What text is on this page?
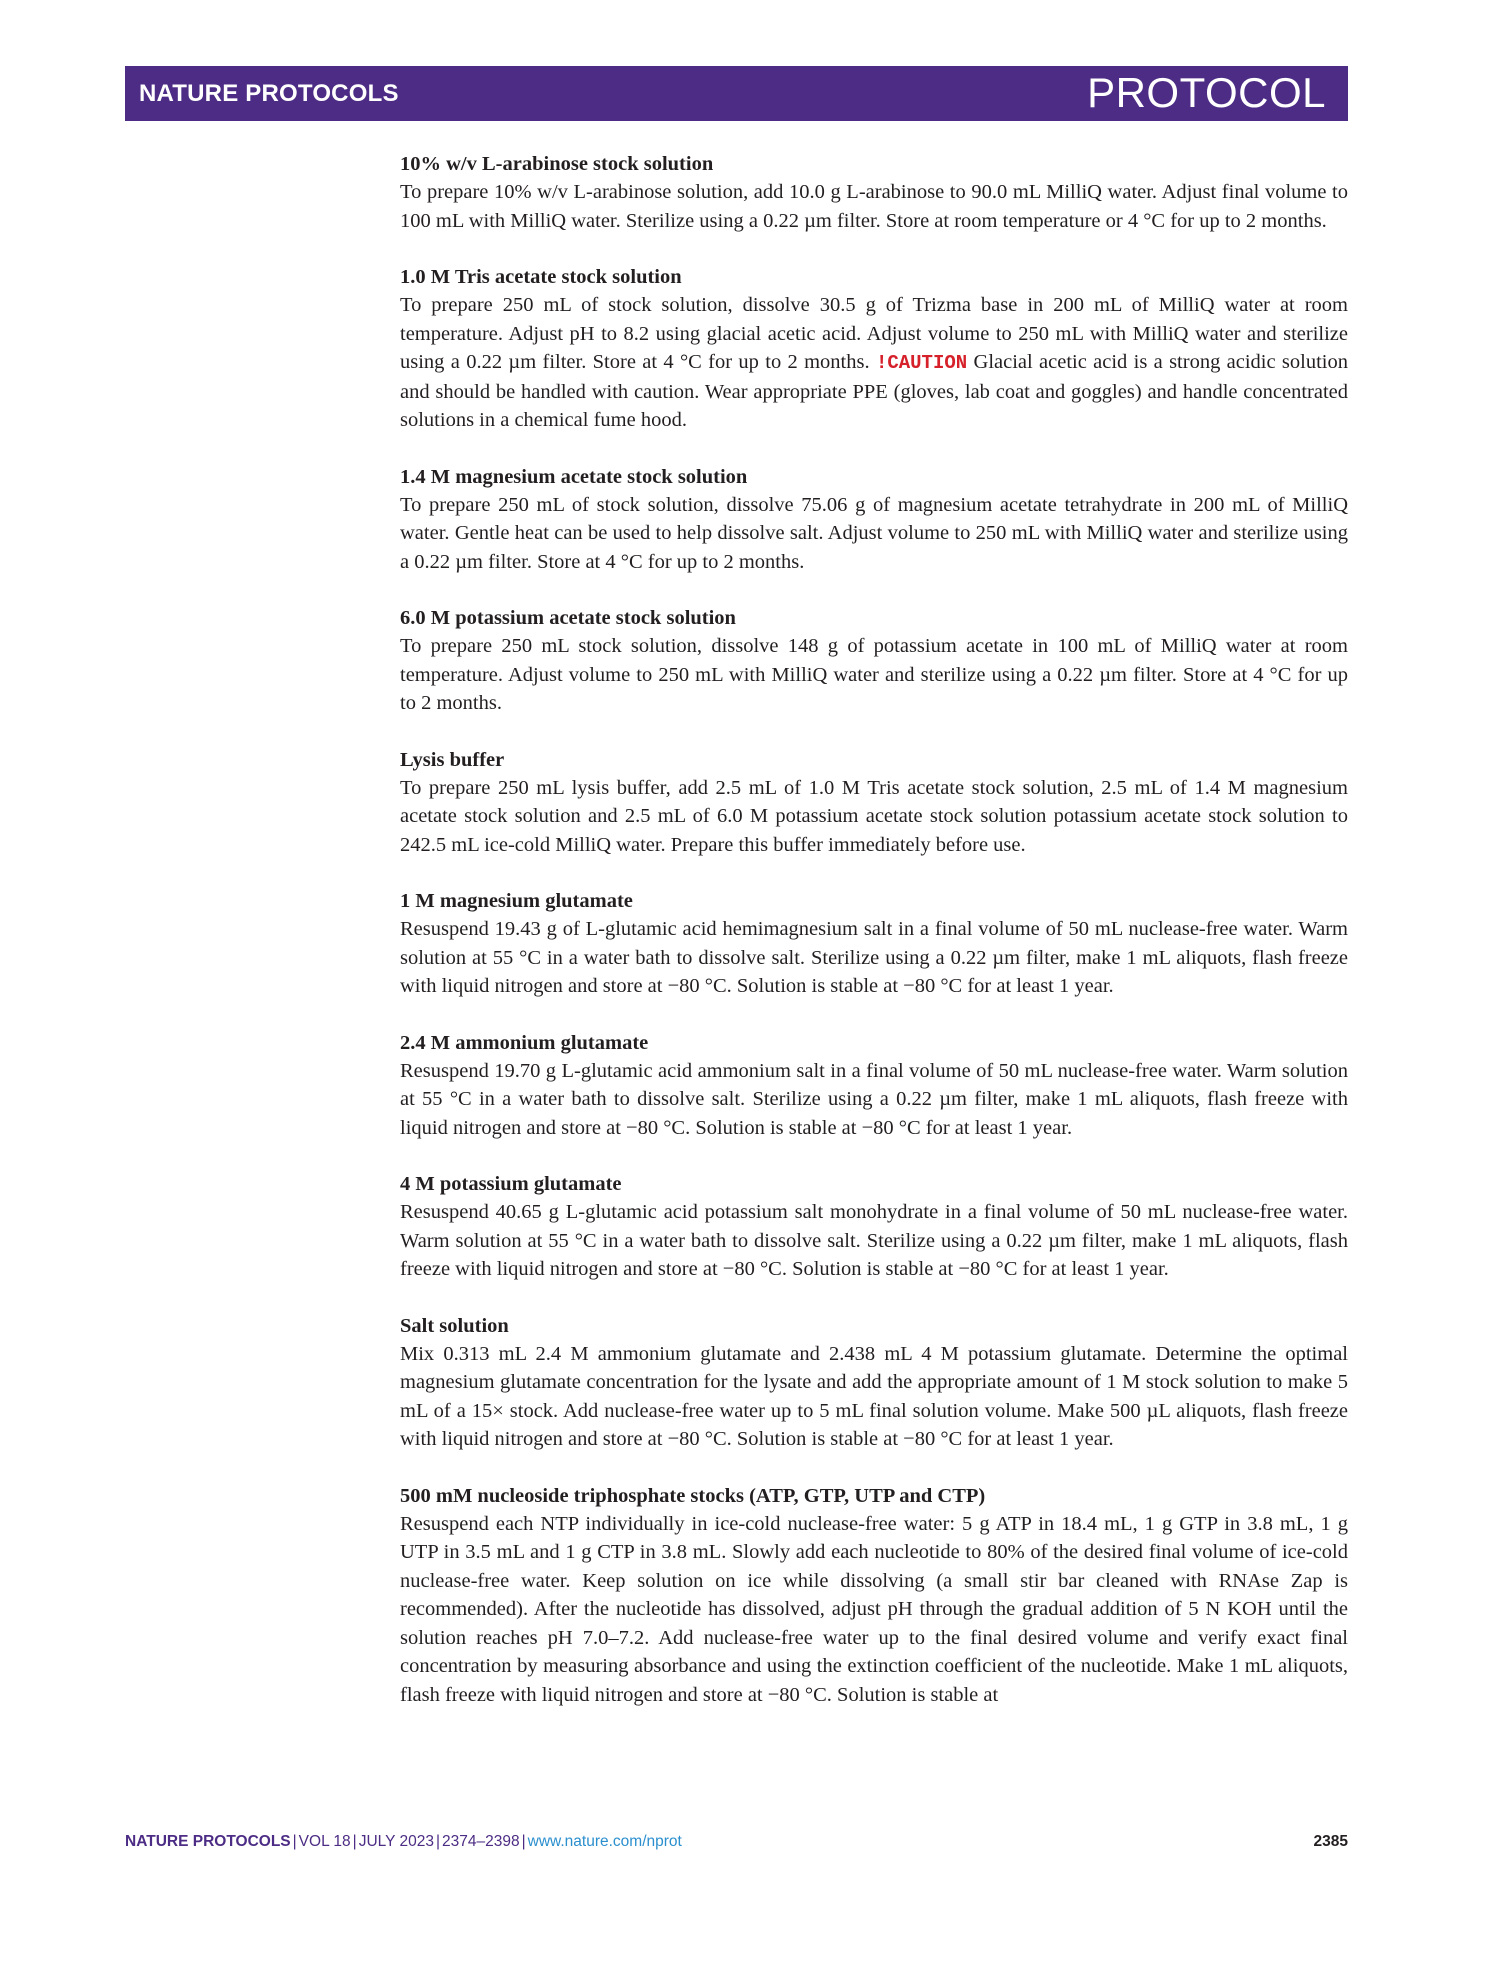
NATURE PROTOCOLS	PROTOCOL

10% w/v L-arabinose stock solution

To prepare 10% w/v L-arabinose solution, add 10.0 g L-arabinose to 90.0 mL MilliQ water. Adjust final volume to 100 mL with MilliQ water. Sterilize using a 0.22 µm filter. Store at room temperature or 4 °C for up to 2 months.

1.0 M Tris acetate stock solution

To prepare 250 mL of stock solution, dissolve 30.5 g of Trizma base in 200 mL of MilliQ water at room temperature. Adjust pH to 8.2 using glacial acetic acid. Adjust volume to 250 mL with MilliQ water and sterilize using a 0.22 µm filter. Store at 4 °C for up to 2 months. !CAUTION Glacial acetic acid is a strong acidic solution and should be handled with caution. Wear appropriate PPE (gloves, lab coat and goggles) and handle concentrated solutions in a chemical fume hood.

1.4 M magnesium acetate stock solution

To prepare 250 mL of stock solution, dissolve 75.06 g of magnesium acetate tetrahydrate in 200 mL of MilliQ water. Gentle heat can be used to help dissolve salt. Adjust volume to 250 mL with MilliQ water and sterilize using a 0.22 µm filter. Store at 4 °C for up to 2 months.

6.0 M potassium acetate stock solution

To prepare 250 mL stock solution, dissolve 148 g of potassium acetate in 100 mL of MilliQ water at room temperature. Adjust volume to 250 mL with MilliQ water and sterilize using a 0.22 µm filter. Store at 4 °C for up to 2 months.

Lysis buffer

To prepare 250 mL lysis buffer, add 2.5 mL of 1.0 M Tris acetate stock solution, 2.5 mL of 1.4 M magnesium acetate stock solution and 2.5 mL of 6.0 M potassium acetate stock solution potassium acetate stock solution to 242.5 mL ice-cold MilliQ water. Prepare this buffer immediately before use.

1 M magnesium glutamate

Resuspend 19.43 g of L-glutamic acid hemimagnesium salt in a final volume of 50 mL nuclease-free water. Warm solution at 55 °C in a water bath to dissolve salt. Sterilize using a 0.22 µm filter, make 1 mL aliquots, flash freeze with liquid nitrogen and store at −80 °C. Solution is stable at −80 °C for at least 1 year.

2.4 M ammonium glutamate

Resuspend 19.70 g L-glutamic acid ammonium salt in a final volume of 50 mL nuclease-free water. Warm solution at 55 °C in a water bath to dissolve salt. Sterilize using a 0.22 µm filter, make 1 mL aliquots, flash freeze with liquid nitrogen and store at −80 °C. Solution is stable at −80 °C for at least 1 year.

4 M potassium glutamate

Resuspend 40.65 g L-glutamic acid potassium salt monohydrate in a final volume of 50 mL nuclease-free water. Warm solution at 55 °C in a water bath to dissolve salt. Sterilize using a 0.22 µm filter, make 1 mL aliquots, flash freeze with liquid nitrogen and store at −80 °C. Solution is stable at −80 °C for at least 1 year.

Salt solution

Mix 0.313 mL 2.4 M ammonium glutamate and 2.438 mL 4 M potassium glutamate. Determine the optimal magnesium glutamate concentration for the lysate and add the appropriate amount of 1 M stock solution to make 5 mL of a 15× stock. Add nuclease-free water up to 5 mL final solution volume. Make 500 µL aliquots, flash freeze with liquid nitrogen and store at −80 °C. Solution is stable at −80 °C for at least 1 year.

500 mM nucleoside triphosphate stocks (ATP, GTP, UTP and CTP)

Resuspend each NTP individually in ice-cold nuclease-free water: 5 g ATP in 18.4 mL, 1 g GTP in 3.8 mL, 1 g UTP in 3.5 mL and 1 g CTP in 3.8 mL. Slowly add each nucleotide to 80% of the desired final volume of ice-cold nuclease-free water. Keep solution on ice while dissolving (a small stir bar cleaned with RNAse Zap is recommended). After the nucleotide has dissolved, adjust pH through the gradual addition of 5 N KOH until the solution reaches pH 7.0–7.2. Add nuclease-free water up to the final desired volume and verify exact final concentration by measuring absorbance and using the extinction coefficient of the nucleotide. Make 1 mL aliquots, flash freeze with liquid nitrogen and store at −80 °C. Solution is stable at

NATURE PROTOCOLS | VOL 18 | JULY 2023 | 2374–2398 | www.nature.com/nprot	2385
